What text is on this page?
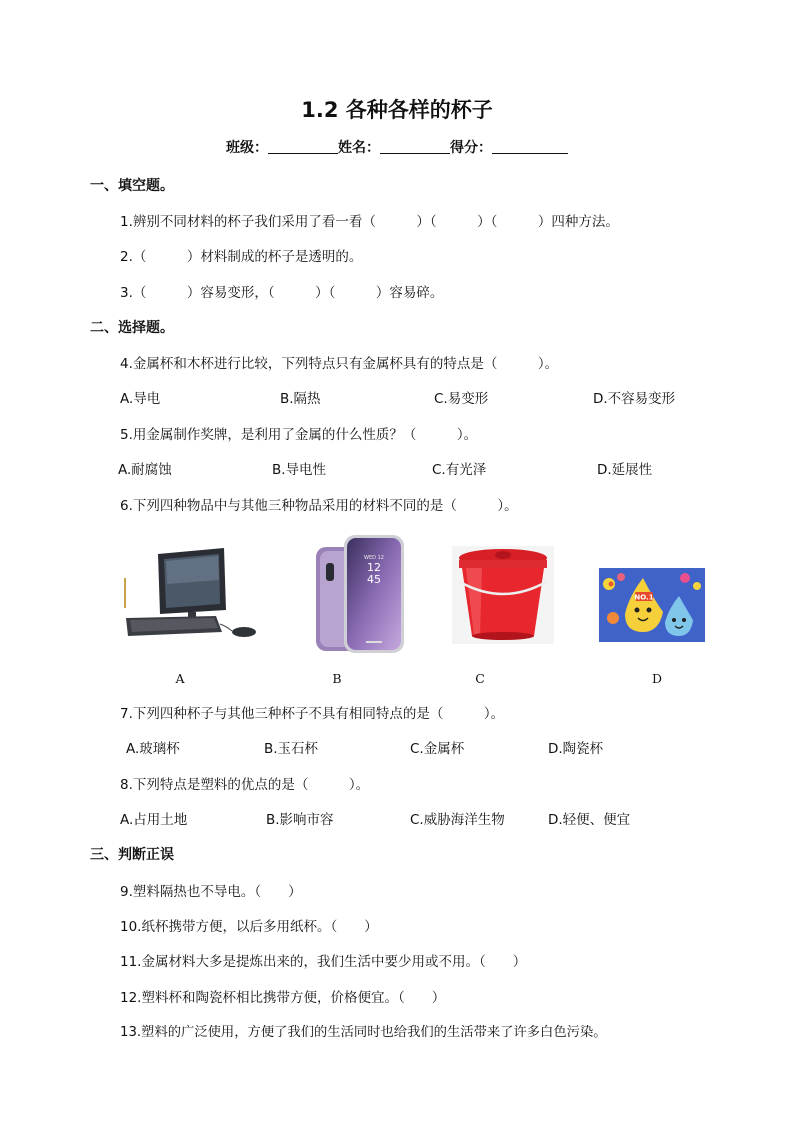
1.2 各种各样的杯子
班级：	姓名：	得分：
一、填空题。
1.辨别不同材料的杯子我们采用了看一看（　　　）（　　　）（　　　）四种方法。
2.（　　　）材料制成的杯子是透明的。
3.（　　　）容易变形，（　　　）（　　　）容易碎。
二、选择题。
4.金属杯和木杯进行比较，下列特点只有金属杯具有的特点是（　　　）。
A.导电	B.隔热	C.易变形	D.不容易变形
5.用金属制作奖牌，是利用了金属的什么性质？（　　　）。
A.耐腐蚀	B.导电性	C.有光泽	D.延展性
6.下列四种物品中与其他三种物品采用的材料不同的是（　　　）。
WED 12
12
45
NO.1
A	B	C	D
7.下列四种杯子与其他三种杯子不具有相同特点的是（　　　）。
A.玻璃杯	B.玉石杯	C.金属杯	D.陶瓷杯
8.下列特点是塑料的优点的是（　　　）。
A.占用土地	B.影响市容	C.威胁海洋生物	D.轻便、便宜
三、判断正误
9.塑料隔热也不导电。（　　）
10.纸杯携带方便，以后多用纸杯。（　　）
11.金属材料大多是提炼出来的，我们生活中要少用或不用。（　　）
12.塑料杯和陶瓷杯相比携带方便，价格便宜。（　　）
13.塑料的广泛使用，方便了我们的生活同时也给我们的生活带来了许多白色污染。
